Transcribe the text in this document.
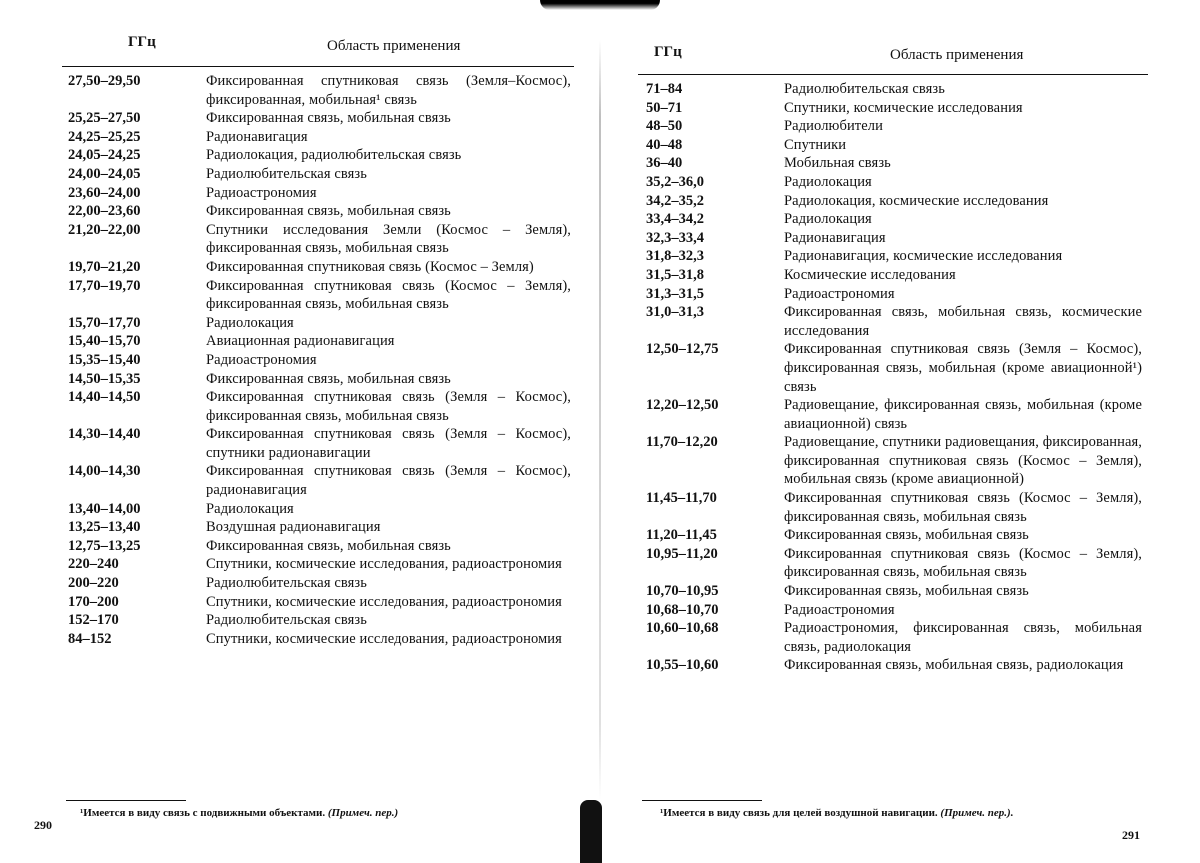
ГГц	Область применения
27,50–29,50	Фиксированная спутниковая связь (Земля–Космос), фиксированная, мобильная¹ связь
25,25–27,50	Фиксированная связь, мобильная связь
24,25–25,25	Радионавигация
24,05–24,25	Радиолокация, радиолюбительская связь
24,00–24,05	Радиолюбительская связь
23,60–24,00	Радиоастрономия
22,00–23,60	Фиксированная связь, мобильная связь
21,20–22,00	Спутники исследования Земли (Космос – Земля), фиксированная связь, мобильная связь
19,70–21,20	Фиксированная спутниковая связь (Космос – Земля)
17,70–19,70	Фиксированная спутниковая связь (Космос – Земля), фиксированная связь, мобильная связь
15,70–17,70	Радиолокация
15,40–15,70	Авиационная радионавигация
15,35–15,40	Радиоастрономия
14,50–15,35	Фиксированная связь, мобильная связь
14,40–14,50	Фиксированная спутниковая связь (Земля – Космос), фиксированная связь, мобильная связь
14,30–14,40	Фиксированная спутниковая связь (Земля – Космос), спутники радионавигации
14,00–14,30	Фиксированная спутниковая связь (Земля – Космос), радионавигация
13,40–14,00	Радиолокация
13,25–13,40	Воздушная радионавигация
12,75–13,25	Фиксированная связь, мобильная связь
220–240	Спутники, космические исследования, радиоастрономия
200–220	Радиолюбительская связь
170–200	Спутники, космические исследования, радиоастрономия
152–170	Радиолюбительская связь
84–152	Спутники, космические исследования, радиоастрономия
¹Имеется в виду связь с подвижными объектами. (Примеч. пер.)
290
ГГц	Область применения
71–84	Радиолюбительская связь
50–71	Спутники, космические исследования
48–50	Радиолюбители
40–48	Спутники
36–40	Мобильная связь
35,2–36,0	Радиолокация
34,2–35,2	Радиолокация, космические исследования
33,4–34,2	Радиолокация
32,3–33,4	Радионавигация
31,8–32,3	Радионавигация, космические исследования
31,5–31,8	Космические исследования
31,3–31,5	Радиоастрономия
31,0–31,3	Фиксированная связь, мобильная связь, космические исследования
12,50–12,75	Фиксированная спутниковая связь (Земля – Космос), фиксированная связь, мобильная (кроме авиационной¹) связь
12,20–12,50	Радиовещание, фиксированная связь, мобильная (кроме авиационной) связь
11,70–12,20	Радиовещание, спутники радиовещания, фиксированная, фиксированная спутниковая связь (Космос – Земля), мобильная связь (кроме авиационной)
11,45–11,70	Фиксированная спутниковая связь (Космос – Земля), фиксированная связь, мобильная связь
11,20–11,45	Фиксированная связь, мобильная связь
10,95–11,20	Фиксированная спутниковая связь (Космос – Земля), фиксированная связь, мобильная связь
10,70–10,95	Фиксированная связь, мобильная связь
10,68–10,70	Радиоастрономия
10,60–10,68	Радиоастрономия, фиксированная связь, мобильная связь, радиолокация
10,55–10,60	Фиксированная связь, мобильная связь, радиолокация
¹Имеется в виду связь для целей воздушной навигации. (Примеч. пер.).
291
